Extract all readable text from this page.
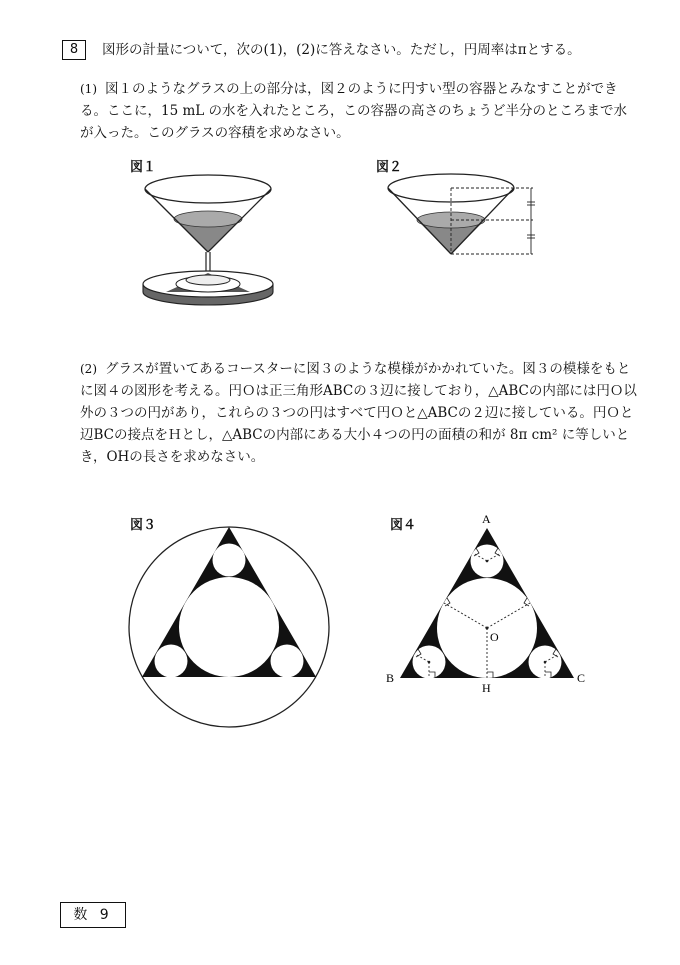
8	図形の計量について，次の(1)，(2)に答えなさい。ただし，円周率はπとする。
(1) 図１のようなグラスの上の部分は，図２のように円すい型の容器とみなすことができる。ここに，15 mL の水を入れたところ，この容器の高さのちょうど半分のところまで水が入った。このグラスの容積を求めなさい。
図１	図２
(2) グラスが置いてあるコースターに図３のような模様がかかれていた。図３の模様をもとに図４の図形を考える。円Ｏは正三角形ABCの３辺に接しており，△ABCの内部には円Ｏ以外の３つの円があり，これらの３つの円はすべて円Ｏと△ABCの２辺に接している。円Ｏと辺BCの接点をＨとし，△ABCの内部にある大小４つの円の面積の和が 8π cm² に等しいとき，OHの長さを求めなさい。
図３	図４	A
B	C
H
O
数 9
